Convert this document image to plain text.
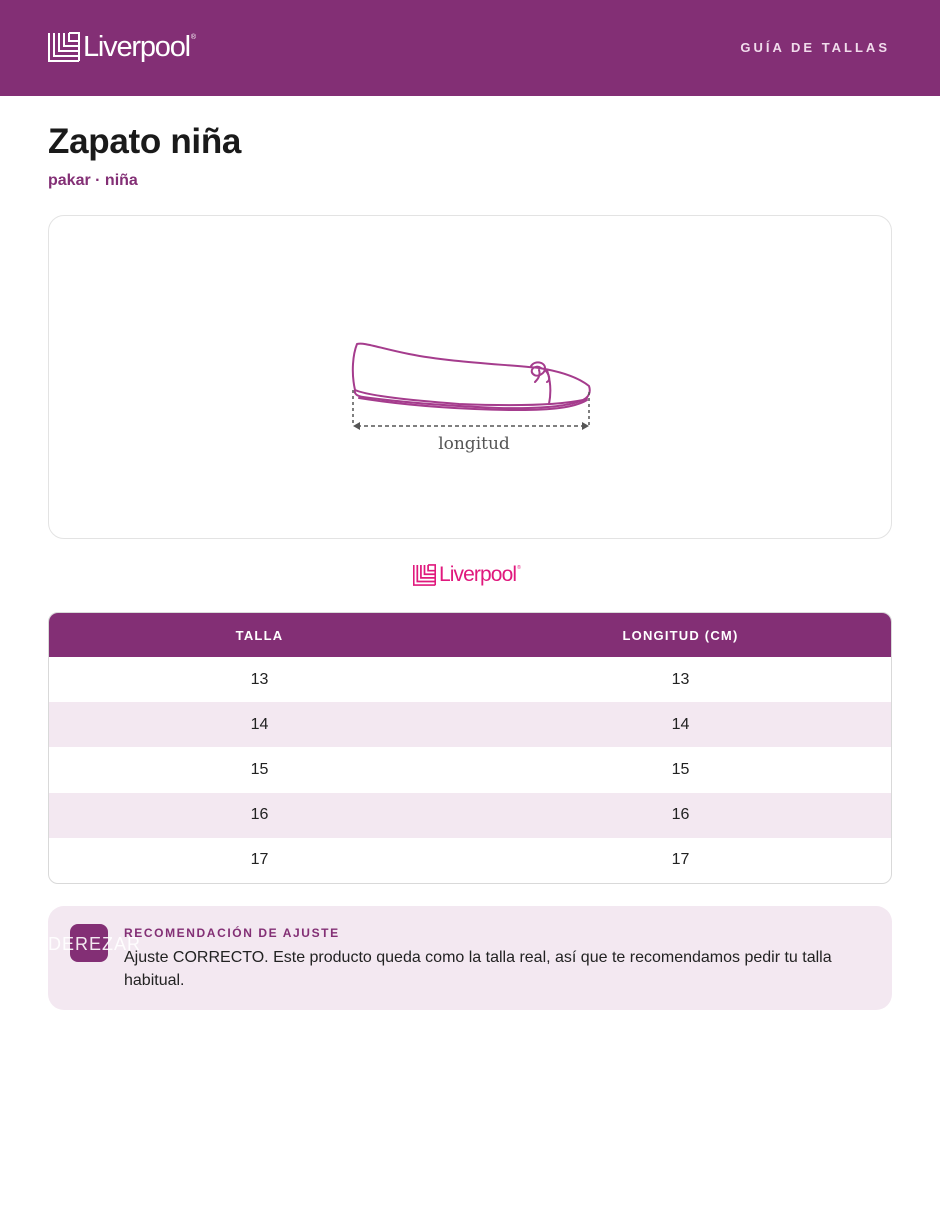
Liverpool ®
GUÍA DE TALLAS
Zapato niña
pakar · niña
longitud
Liverpool ®
TALLA	LONGITUD (CM)
13	13
14	14
15	15
16	16
17	17
DEREZAR
RECOMENDACIÓN DE AJUSTE
Ajuste CORRECTO. Este producto queda como la talla real, así que te recomendamos pedir tu talla habitual.
